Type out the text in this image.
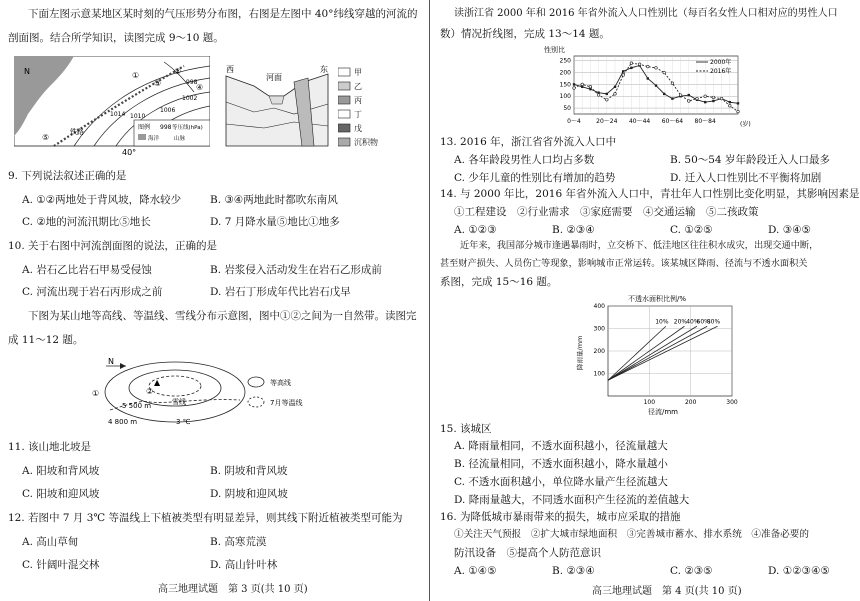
下面左图示意某地区某时刻的气压形势分布图，右图是左图中 40°纬线穿越的河流的
剖面图。结合所学知识，读图完成 9～10 题。
N	①	②
③	④
⑤
998
1002
1006
1010
1014
铁路
图例 998 等压线(hPa)
海洋	山脉
40°
西
河面
东	甲
乙
丙
丁
戊
沉积物
9. 下列说法叙述正确的是
A. ①②两地处于背风坡，降水较少	B. ③④两地此时都吹东南风
C. ②地的河流汛期比⑤地长	D. 7 月降水量⑤地比①地多
10. 关于右图中河流剖面图的说法，正确的是
A. 岩石乙比岩石甲易受侵蚀	B. 岩浆侵入活动发生在岩石乙形成前
C. 河流出现于岩石丙形成之前	D. 岩石丁形成年代比岩石戊早
下图为某山地等高线、等温线、雪线分布示意图，图中①②之间为一自然带。读图完
成 11～12 题。
N
①	②
▲
雪线
5 500 m
4 800 m	3 ℃
等高线
7月等温线
11. 该山地北坡是
A. 阳坡和背风坡	B. 阴坡和背风坡
C. 阳坡和迎风坡	D. 阴坡和迎风坡
12. 若图中 7 月 3℃ 等温线上下植被类型有明显差异，则其线下附近植被类型可能为
A. 高山草甸	B. 高寒荒漠
C. 针阔叶混交林	D. 高山针叶林
高三地理试题　第 3 页(共 10 页)
读浙江省 2000 年和 2016 年省外流入人口性别比（每百名女性人口相对应的男性人口
数）情况折线图，完成 13～14 题。
性别比
50
100
150
200
250
0～4	20～24 40～44 60～64 80～84
2000年
2016年
(岁)
13. 2016 年，浙江省省外流入人口中
A. 各年龄段男性人口均占多数	B. 50～54 岁年龄段迁入人口最多
C. 少年儿童的性别比有增加的趋势	D. 迁入人口性别比不平衡将加剧
14. 与 2000 年比，2016 年省外流入人口中，青壮年人口性别比变化明显，其影响因素是
①工程建设　②行业需求　③家庭需要　④交通运输　⑤二孩政策
A. ①②③	B. ②③④	C. ①②⑤	D. ③④⑤
近年来，我国部分城市逢遇暴雨时，立交桥下、低洼地区往往积水成灾，出现交通中断，
甚至财产损失、人员伤亡等现象，影响城市正常运转。该某城区降雨、径流与不透水面积关
系图，完成 15～16 题。
不透水面积比例/%
降雨量/mm
径流/mm
100
200
300
400
100	200	300
10% 20% 40%
60%
80%
15. 该城区
A. 降雨量相同，不透水面积越小，径流量越大
B. 径流量相同，不透水面积越小，降水量越小
C. 不透水面积越小，单位降水量产生径流越大
D. 降雨量越大，不同透水面积产生径流的差值越大
16. 为降低城市暴雨带来的损失，城市应采取的措施
①关注天气预报　②扩大城市绿地面积　③完善城市蓄水、排水系统　④准备必要的
防汛设备　⑤提高个人防范意识
A. ①④⑤	B. ②③④	C. ②③⑤	D. ①②③④⑤
高三地理试题　第 4 页(共 10 页)
